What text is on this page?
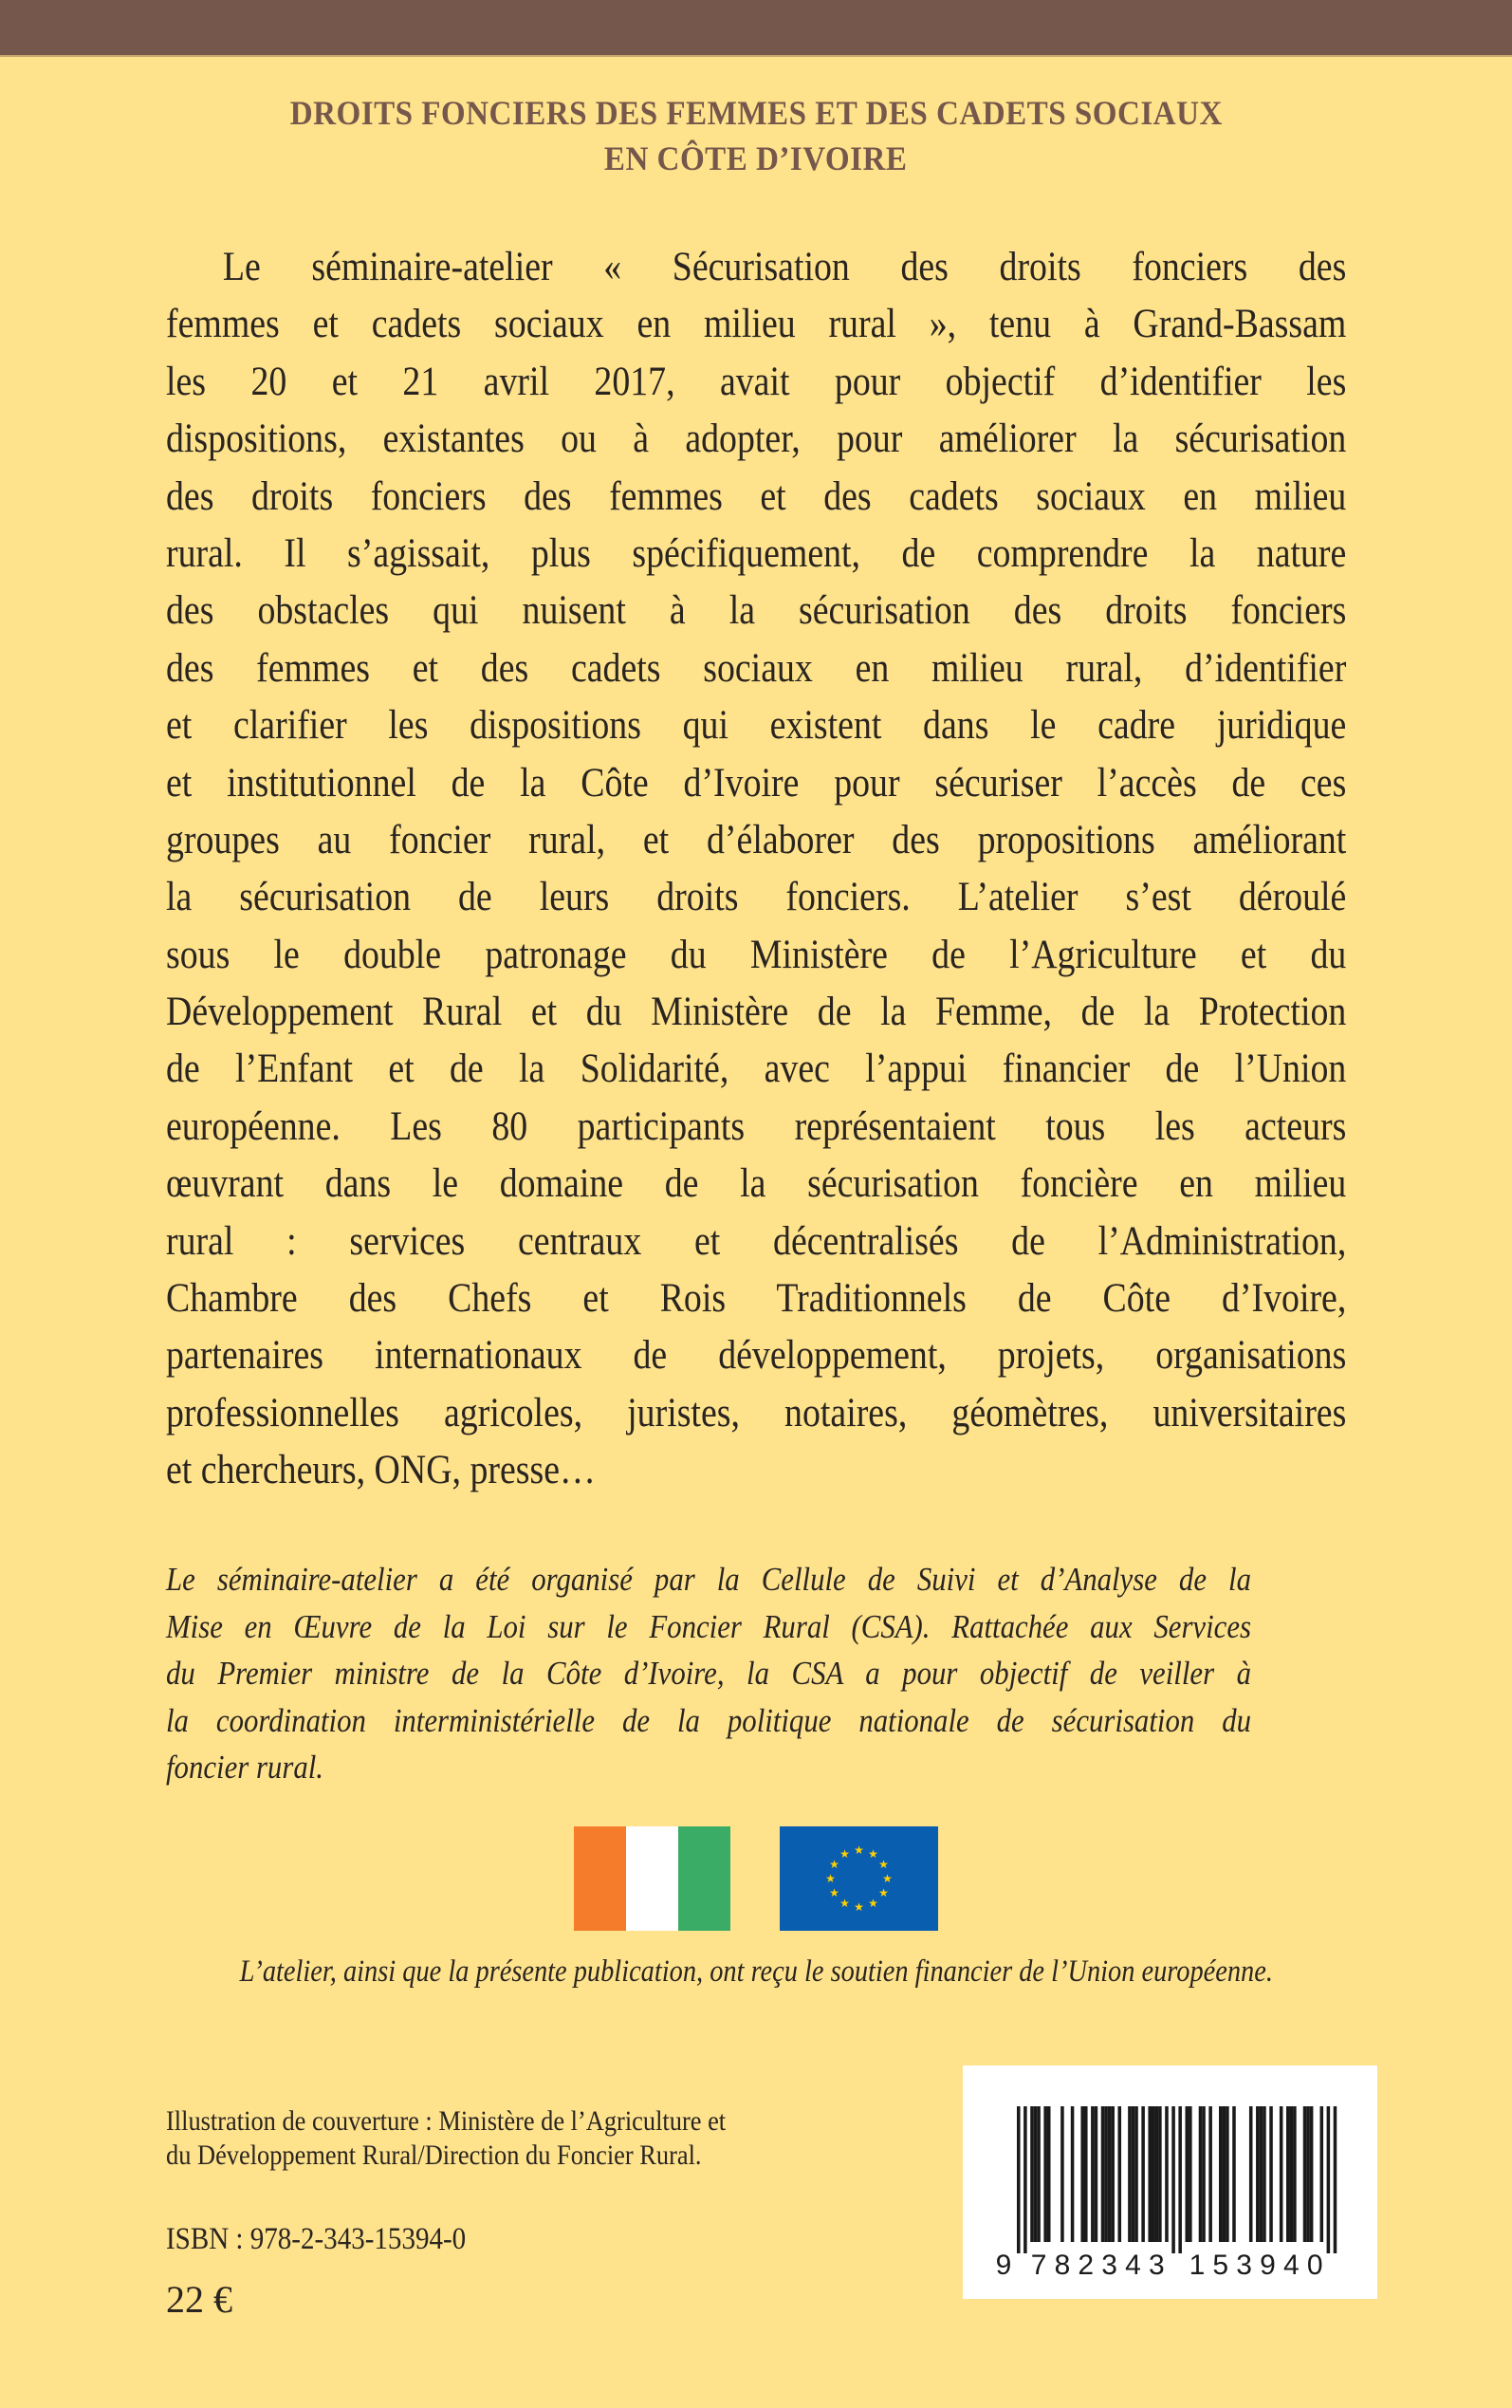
DROITS FONCIERS DES FEMMES ET DES CADETS SOCIAUX
EN CÔTE D’IVOIRE
Le séminaire-atelier « Sécurisation des droits fonciers des
femmes et cadets sociaux en milieu rural », tenu à Grand-Bassam
les 20 et 21 avril 2017, avait pour objectif d’identifier les
dispositions, existantes ou à adopter, pour améliorer la sécurisation
des droits fonciers des femmes et des cadets sociaux en milieu
rural. Il s’agissait, plus spécifiquement, de comprendre la nature
des obstacles qui nuisent à la sécurisation des droits fonciers
des femmes et des cadets sociaux en milieu rural, d’identifier
et clarifier les dispositions qui existent dans le cadre juridique
et institutionnel de la Côte d’Ivoire pour sécuriser l’accès de ces
groupes au foncier rural, et d’élaborer des propositions améliorant
la sécurisation de leurs droits fonciers. L’atelier s’est déroulé
sous le double patronage du Ministère de l’Agriculture et du
Développement Rural et du Ministère de la Femme, de la Protection
de l’Enfant et de la Solidarité, avec l’appui financier de l’Union
européenne. Les 80 participants représentaient tous les acteurs
œuvrant dans le domaine de la sécurisation foncière en milieu
rural : services centraux et décentralisés de l’Administration,
Chambre des Chefs et Rois Traditionnels de Côte d’Ivoire,
partenaires internationaux de développement, projets, organisations
professionnelles agricoles, juristes, notaires, géomètres, universitaires
et chercheurs, ONG, presse…
Le séminaire-atelier a été organisé par la Cellule de Suivi et d’Analyse de la
Mise en Œuvre de la Loi sur le Foncier Rural (CSA). Rattachée aux Services
du Premier ministre de la Côte d’Ivoire, la CSA a pour objectif de veiller à
la coordination interministérielle de la politique nationale de sécurisation du
foncier rural.
★ ★
★
★
★
★
★
★
★
★
★
★
L’atelier, ainsi que la présente publication, ont reçu le soutien financier de l’Union européenne.
Illustration de couverture : Ministère de l’Agriculture et
du Développement Rural/Direction du Foncier Rural.
ISBN : 978-2-343-15394-0
22 €
9 7 8 2 3 4 3 1 5 3 9 4 0
